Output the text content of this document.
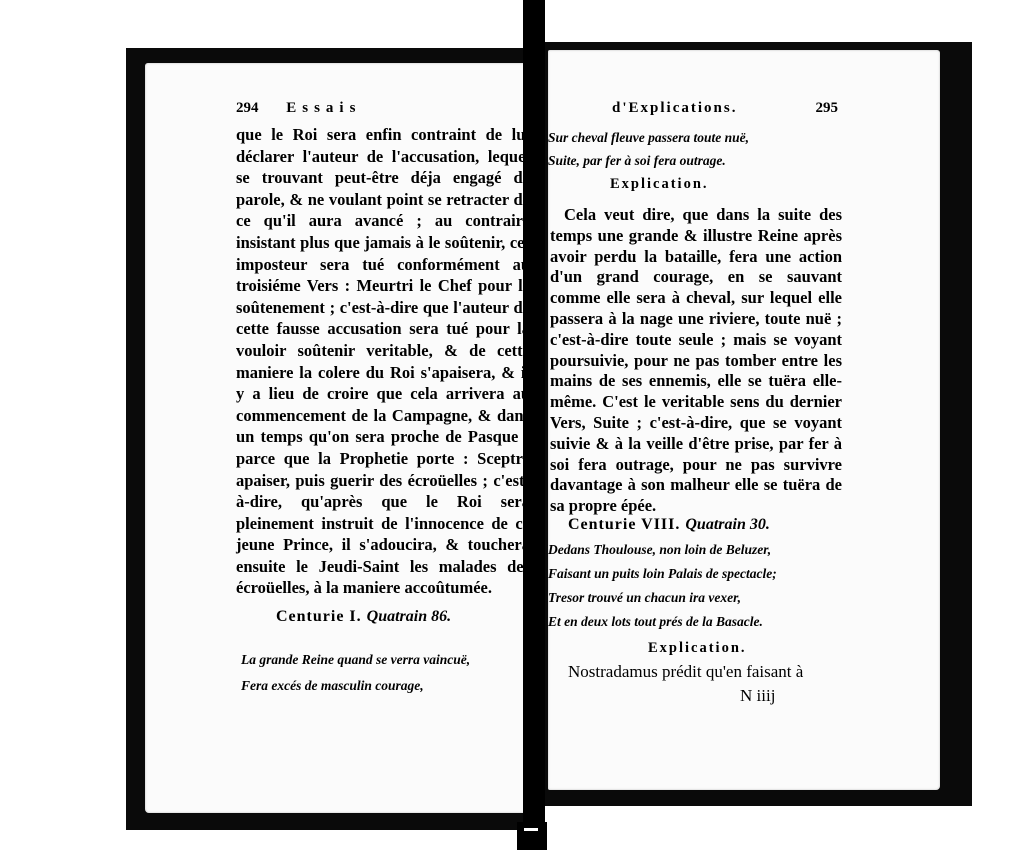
294 Essais
que le Roi sera enfin contraint de lui déclarer l'auteur de l'accusation, lequel se trouvant peut-être déja engagé de parole, & ne voulant point se retracter de ce qu'il aura avancé ; au contraire insistant plus que jamais à le soûtenir, cet imposteur sera tué conformément au troisiéme Vers : Meurtri le Chef pour le soûtenement ; c'est-à-dire que l'auteur de cette fausse accusation sera tué pour la vouloir soûtenir veritable, & de cette maniere la colere du Roi s'apaisera, & il y a lieu de croire que cela arrivera au commencement de la Campagne, & dans un temps qu'on sera proche de Pasque ; parce que la Prophetie porte : Sceptre apaiser, puis guerir des écroüelles ; c'est-à-dire, qu'après que le Roi sera pleinement instruit de l'innocence de ce jeune Prince, il s'adoucira, & touchera ensuite le Jeudi-Saint les malades des écroüelles, à la maniere accoûtumée.
Centurie I. Quatrain 86.
La grande Reine quand se verra vaincuë,
Fera excés de masculin courage,
d'Explications.	295
Sur cheval fleuve passera toute nuë,
Suite, par fer à soi fera outrage.
Explication.
Cela veut dire, que dans la suite des temps une grande & illustre Reine après avoir perdu la bataille, fera une action d'un grand courage, en se sauvant comme elle sera à cheval, sur lequel elle passera à la nage une riviere, toute nuë ; c'est-à-dire toute seule ; mais se voyant poursuivie, pour ne pas tomber entre les mains de ses ennemis, elle se tuëra elle-même. C'est le veritable sens du dernier Vers, Suite ; c'est-à-dire, que se voyant suivie & à la veille d'être prise, par fer à soi fera outrage, pour ne pas survivre davantage à son malheur elle se tuëra de sa propre épée.
Centurie VIII. Quatrain 30.
Dedans Thoulouse, non loin de Beluzer,
Faisant un puits loin Palais de spectacle;
Tresor trouvé un chacun ira vexer,
Et en deux lots tout prés de la Basacle.
Explication.
Nostradamus prédit qu'en faisant à
N iiij
